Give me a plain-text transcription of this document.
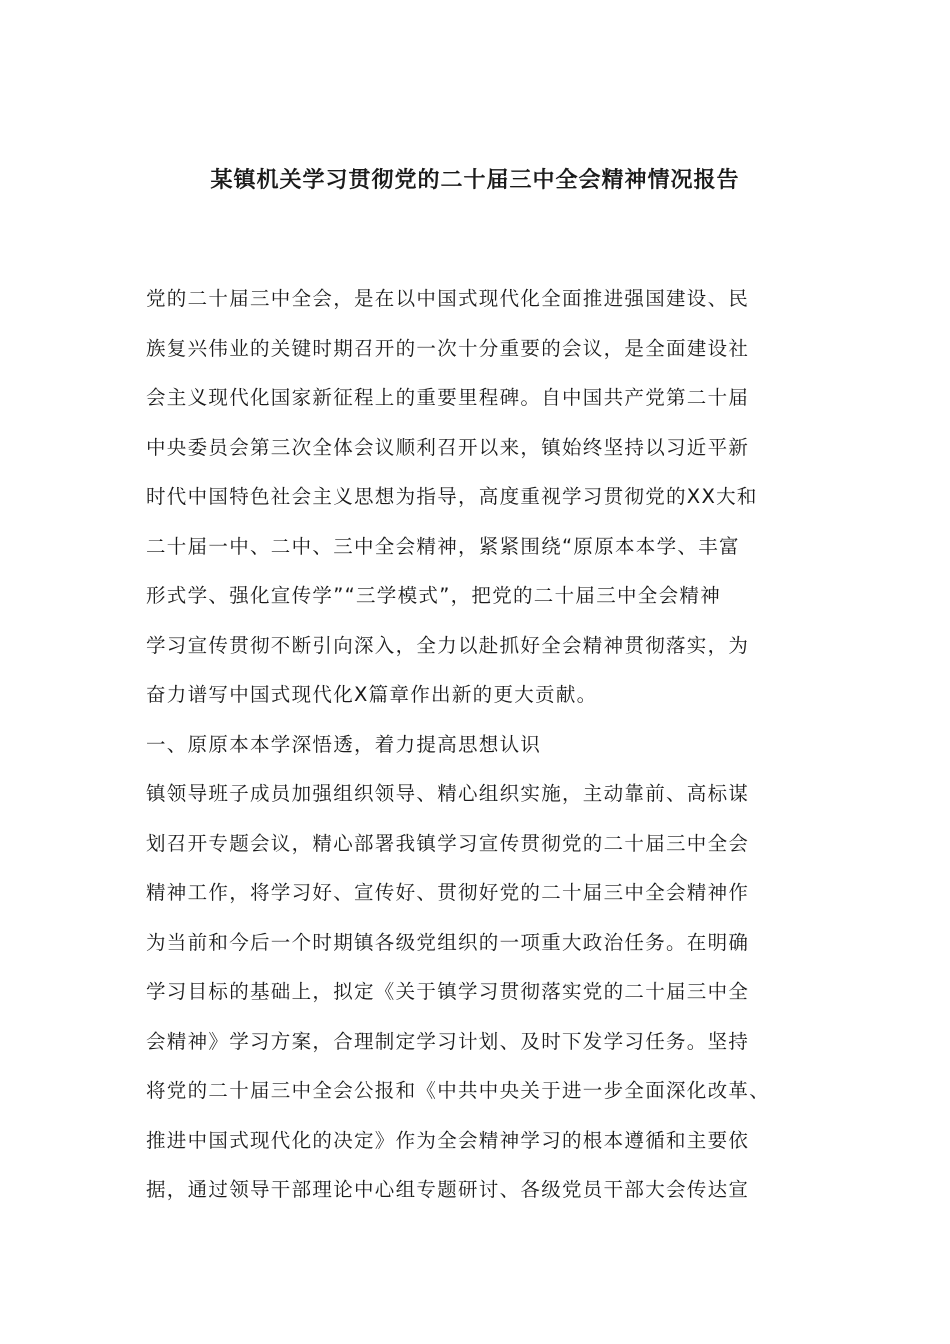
某镇机关学习贯彻党的二十届三中全会精神情况报告
党的二十届三中全会，是在以中国式现代化全面推进强国建设、民
族复兴伟业的关键时期召开的一次十分重要的会议，是全面建设社
会主义现代化国家新征程上的重要里程碑。自中国共产党第二十届
中央委员会第三次全体会议顺利召开以来，镇始终坚持以习近平新
时代中国特色社会主义思想为指导，高度重视学习贯彻党的XX大和
二十届一中、二中、三中全会精神，紧紧围绕“原原本本学、丰富
形式学、强化宣传学”“三学模式”，把党的二十届三中全会精神
学习宣传贯彻不断引向深入，全力以赴抓好全会精神贯彻落实，为
奋力谱写中国式现代化X篇章作出新的更大贡献。
一、原原本本学深悟透，着力提高思想认识
镇领导班子成员加强组织领导、精心组织实施，主动靠前、高标谋
划召开专题会议，精心部署我镇学习宣传贯彻党的二十届三中全会
精神工作，将学习好、宣传好、贯彻好党的二十届三中全会精神作
为当前和今后一个时期镇各级党组织的一项重大政治任务。在明确
学习目标的基础上，拟定《关于镇学习贯彻落实党的二十届三中全
会精神》学习方案，合理制定学习计划、及时下发学习任务。坚持
将党的二十届三中全会公报和《中共中央关于进一步全面深化改革、
推进中国式现代化的决定》作为全会精神学习的根本遵循和主要依
据，通过领导干部理论中心组专题研讨、各级党员干部大会传达宣
